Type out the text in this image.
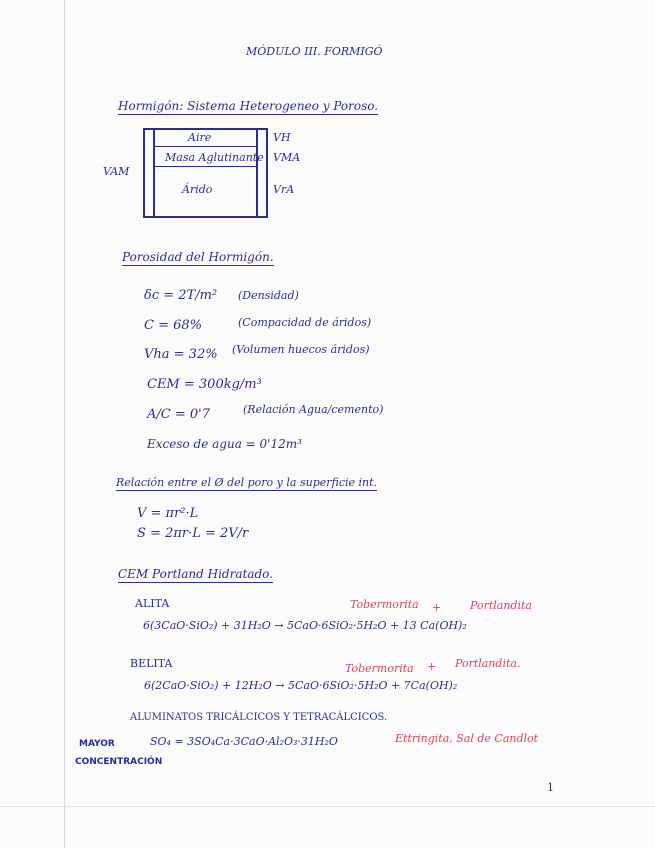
MÓDULO III. FORMIGÓ
Hormigón: Sistema Heterogeneo y Poroso.
Aire
Masa Aglutinante
Árido
VH
VMA
VrA
VAM
Porosidad del Hormigón.
δc = 2T/m² (Densidad)
C = 68%	(Compacidad de áridos)
Vha = 32% (Volumen huecos áridos)
CEM = 300kg/m³
A/C = 0'7	(Relación Agua/cemento)
Exceso de agua = 0'12m³
Relación entre el Ø del poro y la superficie int.
V = πr²·L
S = 2πr·L = 2V/r
CEM Portland Hidratado.
ALITA	Tobermorita +	Portlandita
6(3CaO·SiO₂) + 31H₂O → 5CaO·6SiO₂·5H₂O + 13 Ca(OH)₂
BELITA	Tobermorita + Portlandita.
6(2CaO·SiO₂) + 12H₂O → 5CaO·6SiO₂·5H₂O + 7Ca(OH)₂
ALUMINATOS TRICÁLCICOS Y TETRACÁLCICOS.
SO₄ = 3SO₄Ca·3CaO·Al₂O₃·31H₂O	Ettringita, Sal de Candlot
MAYOR
CONCENTRACIÓN
1
